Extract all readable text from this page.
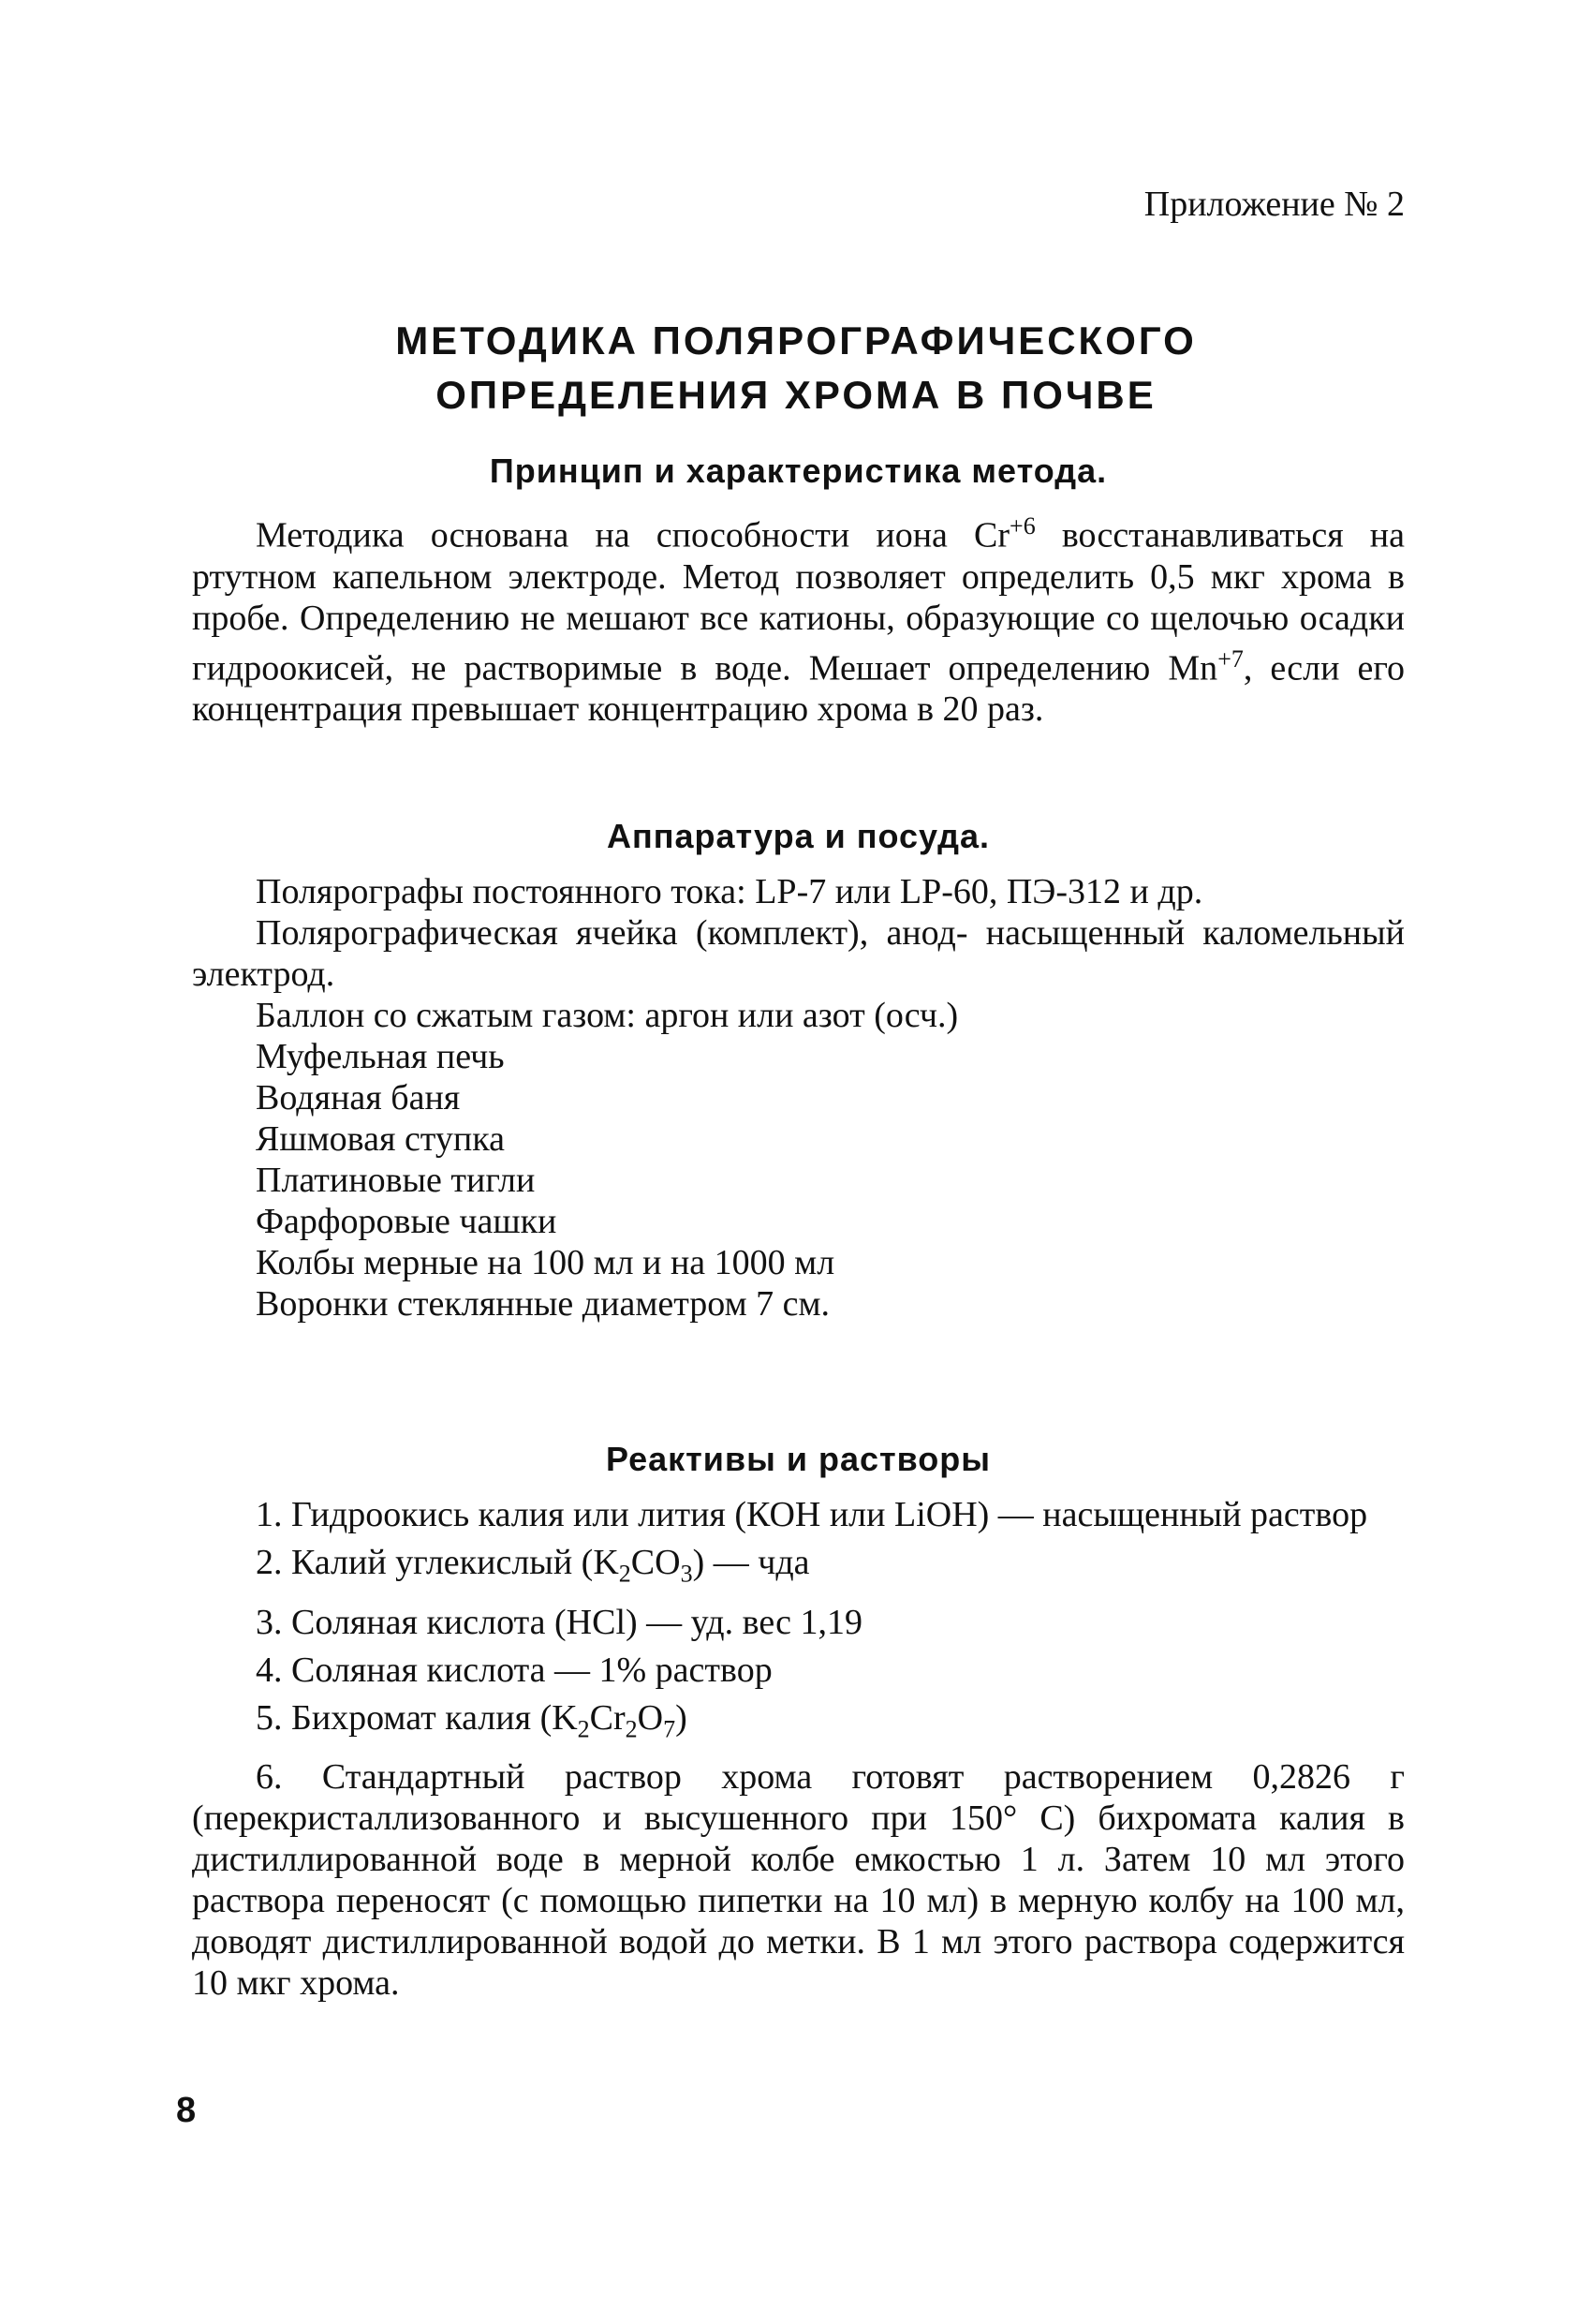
Приложение № 2
МЕТОДИКА ПОЛЯРОГРАФИЧЕСКОГО
ОПРЕДЕЛЕНИЯ ХРОМА В ПОЧВЕ
Принцип и характеристика метода.

Методика основана на способности иона $Cr^{+6}$ восстанавливаться на ртутном капельном электроде. Метод позволяет определить 0,5 мкг хрома в пробе. Определению не мешают все катионы, образующие со щелочью осадки гидроокисей, не растворимые в воде. Мешает определению $Mn^{+7}$, если его концентрация превышает концентрацию хрома в 20 раз.

Аппаратура и посуда.
Полярографы постоянного тока: LP-7 или LP-60, ПЭ-312 и др.
Полярографическая ячейка (комплект), анод- насыщенный каломельный электрод.
Баллон со сжатым газом: аргон или азот (осч.)
Муфельная печь
Водяная баня
Яшмовая ступка
Платиновые тигли
Фарфоровые чашки
Колбы мерные на 100 мл и на 1000 мл
Воронки стеклянные диаметром 7 см.
Реактивы и растворы

1. Гидроокись калия или лития (КОН или LiOH) — насыщенный раствор

2. Калий углекислый $(K_2CO_3)$ — чда

3. Соляная кислота (HCl) — уд. вес 1,19

4. Соляная кислота — 1% раствор

5. Бихромат калия $(K_2Cr_2O_7)$

6. Стандартный раствор хрома готовят растворением 0,2826 г (перекристаллизованного и высушенного при 150° C) бихромата калия в дистиллированной воде в мерной колбе емкостью 1 л. Затем 10 мл этого раствора переносят (с помощью пипетки на 10 мл) в мерную колбу на 100 мл, доводят дистиллированной водой до метки. В 1 мл этого раствора содержится 10 мкг хрома.

8
